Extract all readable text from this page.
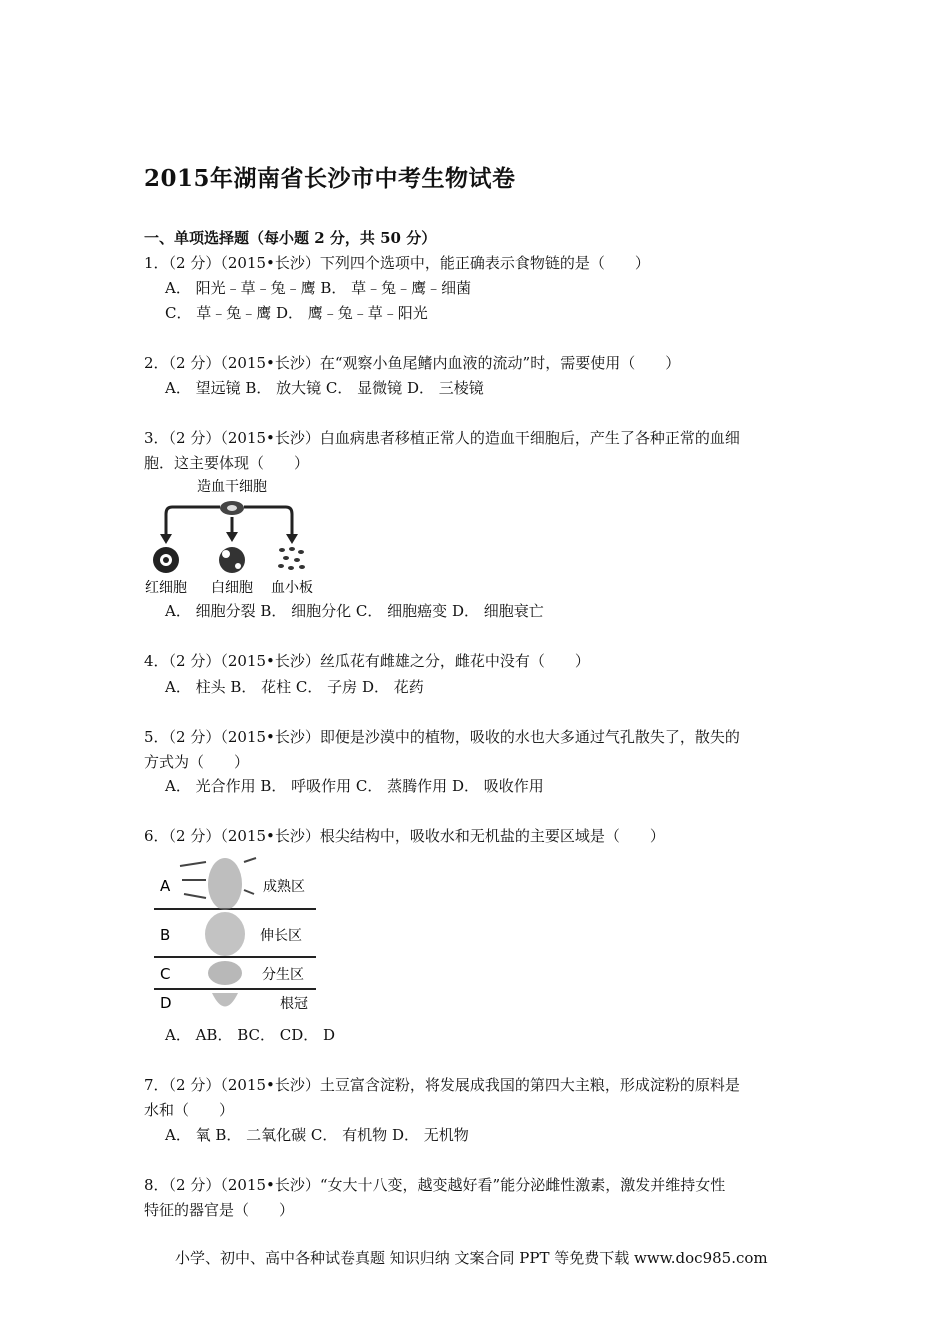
2015年湖南省长沙市中考生物试卷
一、单项选择题（每小题 2 分，共 50 分）
1．（2 分）（2015•长沙）下列四个选项中，能正确表示食物链的是（　　）
A． 阳光﹣草﹣兔﹣鹰 B． 草﹣兔﹣鹰﹣细菌
C． 草﹣兔﹣鹰 D． 鹰﹣兔﹣草﹣阳光
2．（2 分）（2015•长沙）在“观察小鱼尾鳍内血液的流动”时，需要使用（　　）
A． 望远镜 B． 放大镜 C． 显微镜 D． 三棱镜
3．（2 分）（2015•长沙）白血病患者移植正常人的造血干细胞后，产生了各种正常的血细
胞．这主要体现（　　）
造血干细胞
红细胞 白细胞 血小板
A． 细胞分裂 B． 细胞分化 C． 细胞癌变 D． 细胞衰亡
4．（2 分）（2015•长沙）丝瓜花有雌雄之分，雌花中没有（　　）
A． 柱头 B． 花柱 C． 子房 D． 花药
5．（2 分）（2015•长沙）即便是沙漠中的植物，吸收的水也大多通过气孔散失了，散失的
方式为（　　）
A． 光合作用 B． 呼吸作用 C． 蒸腾作用 D． 吸收作用
6．（2 分）（2015•长沙）根尖结构中，吸收水和无机盐的主要区域是（　　）
A	成熟区
B	伸长区
C	分生区
D	根冠
A． AB． BC． CD． D
7．（2 分）（2015•长沙）土豆富含淀粉，将发展成我国的第四大主粮，形成淀粉的原料是
水和（　　）
A． 氧 B． 二氧化碳 C． 有机物 D． 无机物
8．（2 分）（2015•长沙）“女大十八变，越变越好看”能分泌雌性激素，激发并维持女性
特征的器官是（　　）
小学、初中、高中各种试卷真题 知识归纳 文案合同 PPT 等免费下载 www.doc985.com
